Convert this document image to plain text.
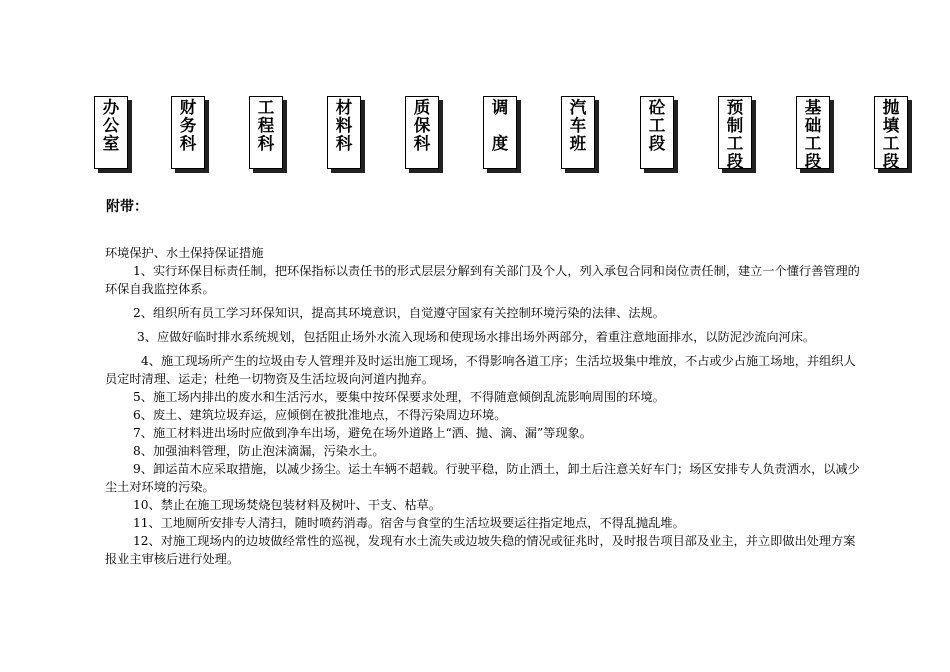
办
公
室
财
务
科
工
程
科
材
料
科
质
保
科
调
度
汽
车
班
砼
工
段
预
制
工
段
基
础
工
段
抛
填
工
段
附带：

环境保护、水土保持保证措施

1、实行环保目标责任制，把环保指标以责任书的形式层层分解到有关部门及个人，列入承包合同和岗位责任制，建立一个懂行善管理的环保自我监控体系。

2、组织所有员工学习环保知识，提高其环境意识，自觉遵守国家有关控制环境污染的法律、法规。

3、应做好临时排水系统规划，包括阻止场外水流入现场和使现场水排出场外两部分，着重注意地面排水，以防泥沙流向河床。

4、施工现场所产生的垃圾由专人管理并及时运出施工现场，不得影响各道工序；生活垃圾集中堆放，不占或少占施工场地，并组织人员定时清理、运走；杜绝一切物资及生活垃圾向河道内抛弃。

5、施工场内排出的废水和生活污水，要集中按环保要求处理，不得随意倾倒乱流影响周围的环境。

6、废土、建筑垃圾弃运，应倾倒在被批准地点，不得污染周边环境。

7、施工材料进出场时应做到净车出场，避免在场外道路上“洒、抛、滴、漏”等现象。

8、加强油料管理，防止泡沫滴漏，污染水土。

9、卸运苗木应采取措施，以减少扬尘。运土车辆不超载。行驶平稳，防止洒土，卸土后注意关好车门；场区安排专人负责洒水，以减少尘土对环境的污染。

10、禁止在施工现场焚烧包装材料及树叶、干支、枯草。

11、工地厕所安排专人清扫，随时喷药消毒。宿舍与食堂的生活垃圾要运往指定地点，不得乱抛乱堆。

12、对施工现场内的边坡做经常性的巡视，发现有水土流失或边坡失稳的情况或征兆时，及时报告项目部及业主，并立即做出处理方案报业主审核后进行处理。
